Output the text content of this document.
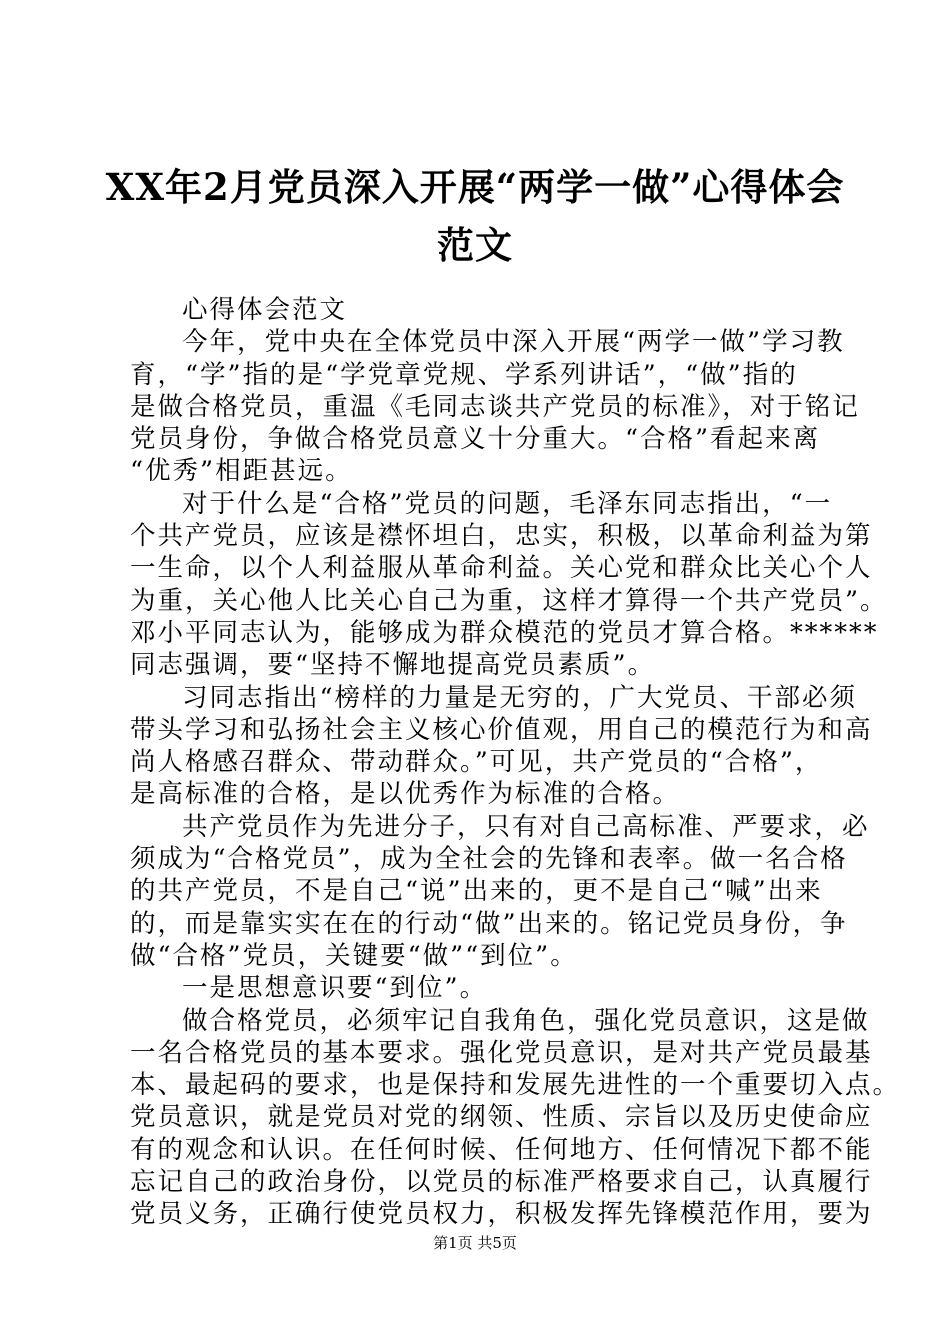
XX年2月党员深入开展“两学一做”心得体会
范文
心得体会范文
今年，党中央在全体党员中深入开展“两学一做”学习教
育，“学”指的是“学党章党规、学系列讲话”，“做”指的
是做合格党员，重温《毛同志谈共产党员的标准》，对于铭记
党员身份，争做合格党员意义十分重大。“合格”看起来离
“优秀”相距甚远。
对于什么是“合格”党员的问题，毛泽东同志指出，“一
个共产党员，应该是襟怀坦白，忠实，积极，以革命利益为第
一生命，以个人利益服从革命利益。关心党和群众比关心个人
为重，关心他人比关心自己为重，这样才算得一个共产党员”。
邓小平同志认为，能够成为群众模范的党员才算合格。******
同志强调，要“坚持不懈地提高党员素质”。
习同志指出“榜样的力量是无穷的，广大党员、干部必须
带头学习和弘扬社会主义核心价值观，用自己的模范行为和高
尚人格感召群众、带动群众。”可见，共产党员的“合格”，
是高标准的合格，是以优秀作为标准的合格。
共产党员作为先进分子，只有对自己高标准、严要求，必
须成为“合格党员”，成为全社会的先锋和表率。做一名合格
的共产党员，不是自己“说”出来的，更不是自己“喊”出来
的，而是靠实实在在的行动“做”出来的。铭记党员身份，争
做“合格”党员，关键要“做”“到位”。
一是思想意识要“到位”。
做合格党员，必须牢记自我角色，强化党员意识，这是做
一名合格党员的基本要求。强化党员意识，是对共产党员最基
本、最起码的要求，也是保持和发展先进性的一个重要切入点。
党员意识，就是党员对党的纲领、性质、宗旨以及历史使命应
有的观念和认识。在任何时候、任何地方、任何情况下都不能
忘记自己的政治身份，以党员的标准严格要求自己，认真履行
党员义务，正确行使党员权力，积极发挥先锋模范作用，要为
第1页 共5页
